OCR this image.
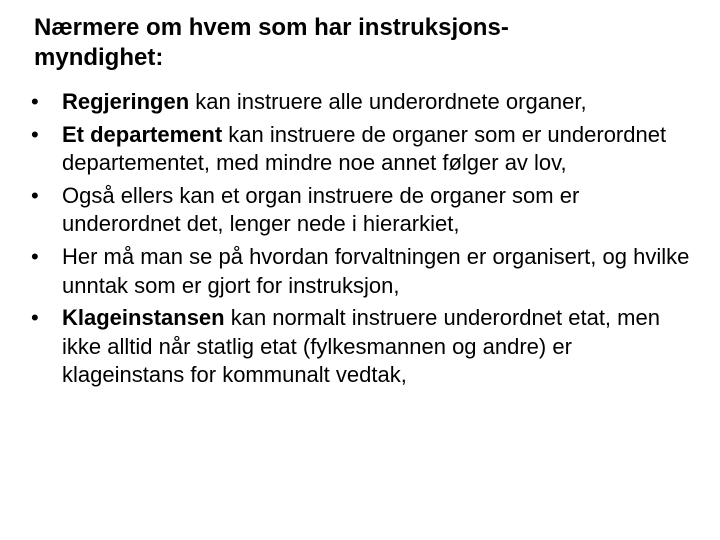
Nærmere om hvem som har instruksjons-
myndighet:
•	Regjeringen kan instruere alle underordnete organer,
•	Et departement kan instruere de organer som er underordnet departementet, med mindre noe annet følger av lov,
•	Også ellers kan et organ instruere de organer som er underordnet det, lenger nede i hierarkiet,
•	Her må man se på hvordan forvaltningen er organisert, og hvilke unntak som er gjort for instruksjon,
•	Klageinstansen kan normalt instruere underordnet etat, men ikke alltid når statlig etat (fylkesmannen og andre) er klageinstans for kommunalt vedtak,
